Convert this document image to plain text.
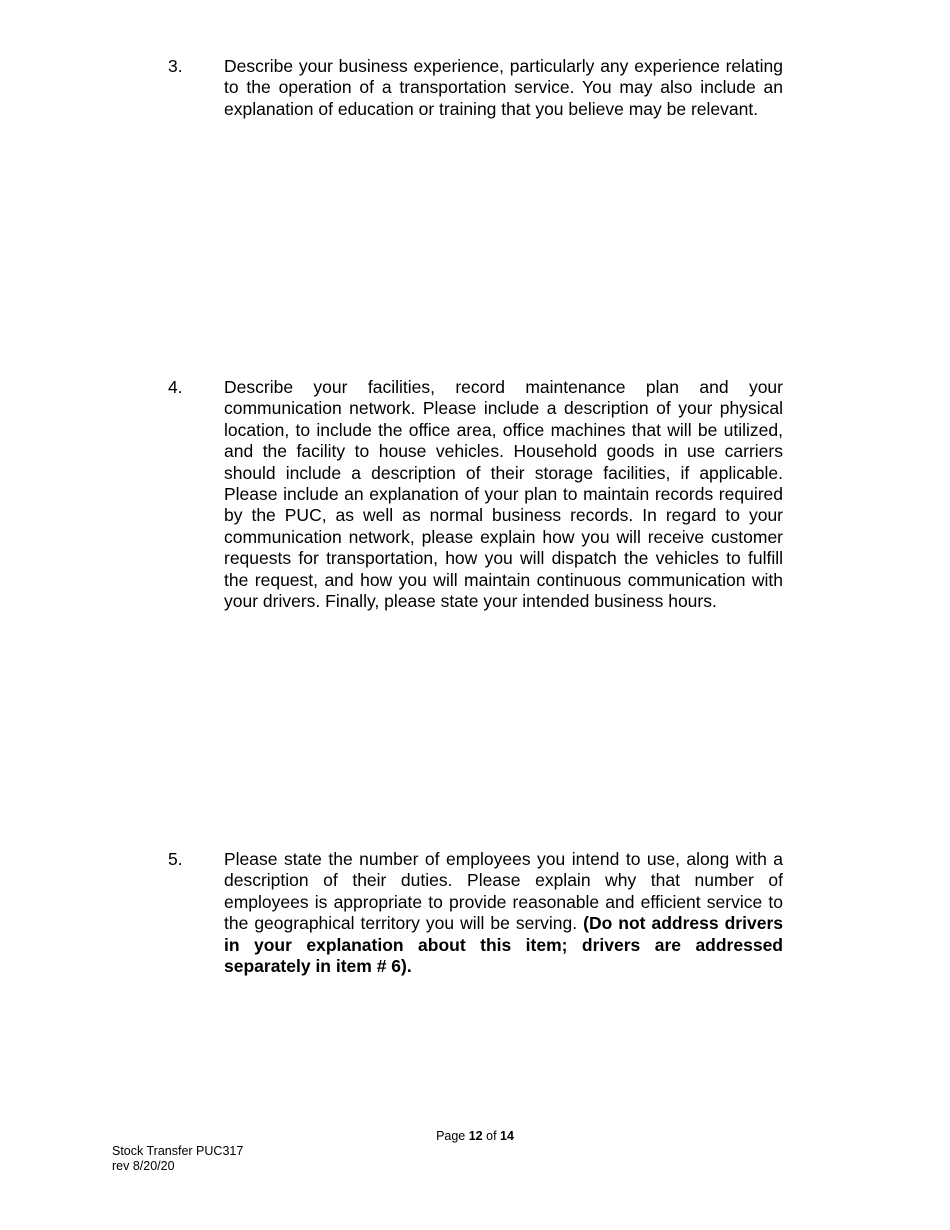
3. Describe your business experience, particularly any experience relating to the operation of a transportation service. You may also include an explanation of education or training that you believe may be relevant.
4. Describe your facilities, record maintenance plan and your communication network. Please include a description of your physical location, to include the office area, office machines that will be utilized, and the facility to house vehicles. Household goods in use carriers should include a description of their storage facilities, if applicable. Please include an explanation of your plan to maintain records required by the PUC, as well as normal business records. In regard to your communication network, please explain how you will receive customer requests for transportation, how you will dispatch the vehicles to fulfill the request, and how you will maintain continuous communication with your drivers. Finally, please state your intended business hours.
5. Please state the number of employees you intend to use, along with a description of their duties. Please explain why that number of employees is appropriate to provide reasonable and efficient service to the geographical territory you will be serving. (Do not address drivers in your explanation about this item; drivers are addressed separately in item # 6).
Page 12 of 14
Stock Transfer PUC317
rev 8/20/20
